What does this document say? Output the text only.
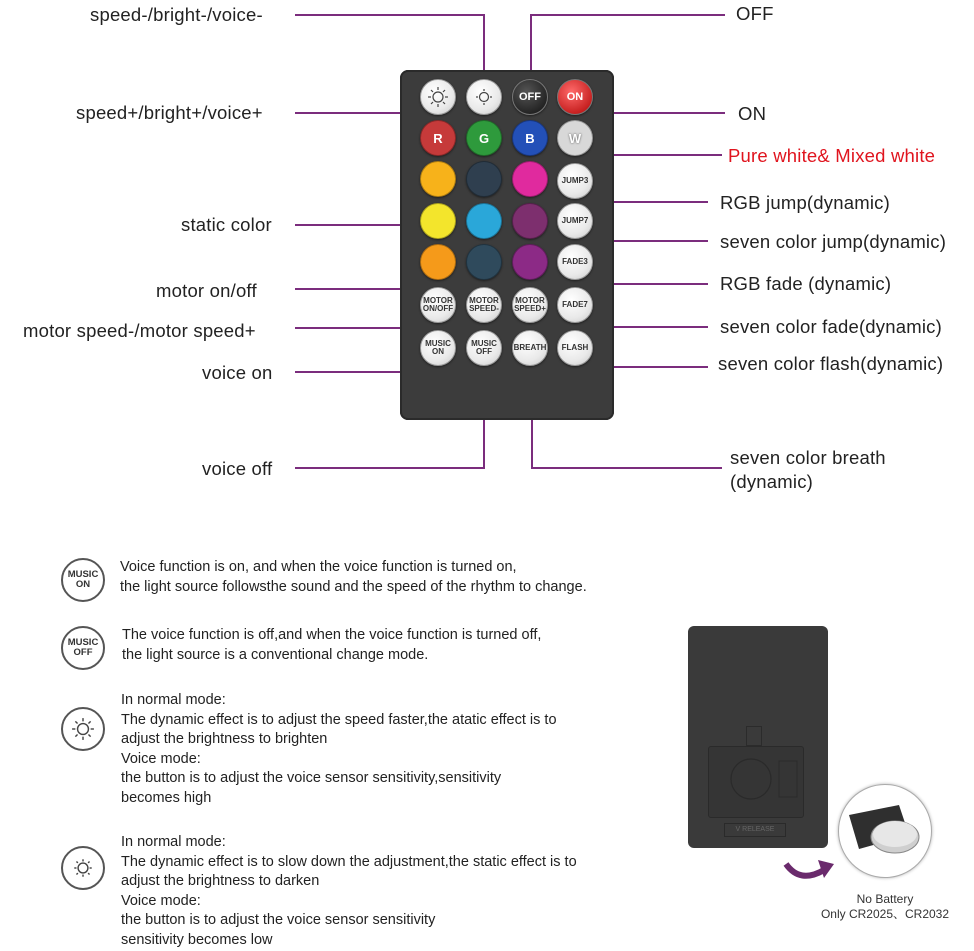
speed-/bright-/voice-
speed+/bright+/voice+
static color
motor on/off
motor speed-/motor speed+
voice on
voice off
OFF
ON
Pure white& Mixed white
RGB jump(dynamic)
seven color jump(dynamic)
RGB fade (dynamic)
seven color fade(dynamic)
seven color flash(dynamic)
seven color breath
(dynamic)
OFF ON
R	G	B	W
JUMP3
JUMP7
FADE3
FADE7
FLASH
MOTOR ON/OFF
MOTOR SPEED-
MOTOR SPEED+
MUSIC ON
MUSIC OFF	BREATH
MUSIC ON
Voice function is on, and when the voice function is turned on,
the light source followsthe sound and the speed of the rhythm to change.
MUSIC OFF
The voice function is off,and when the voice function is turned off,
the light source is a conventional change mode.
In normal mode:
The dynamic effect is to adjust the speed faster,the atatic effect is to
adjust the brightness to brighten
Voice mode:
the button is to adjust the voice sensor sensitivity,sensitivity
becomes high
In normal mode:
The dynamic effect is to slow down the adjustment,the static effect is to
adjust the brightness to darken
Voice mode:
the button is to adjust the voice sensor sensitivity
sensitivity becomes low
V RELEASE
No Battery
Only CR2025、CR2032
